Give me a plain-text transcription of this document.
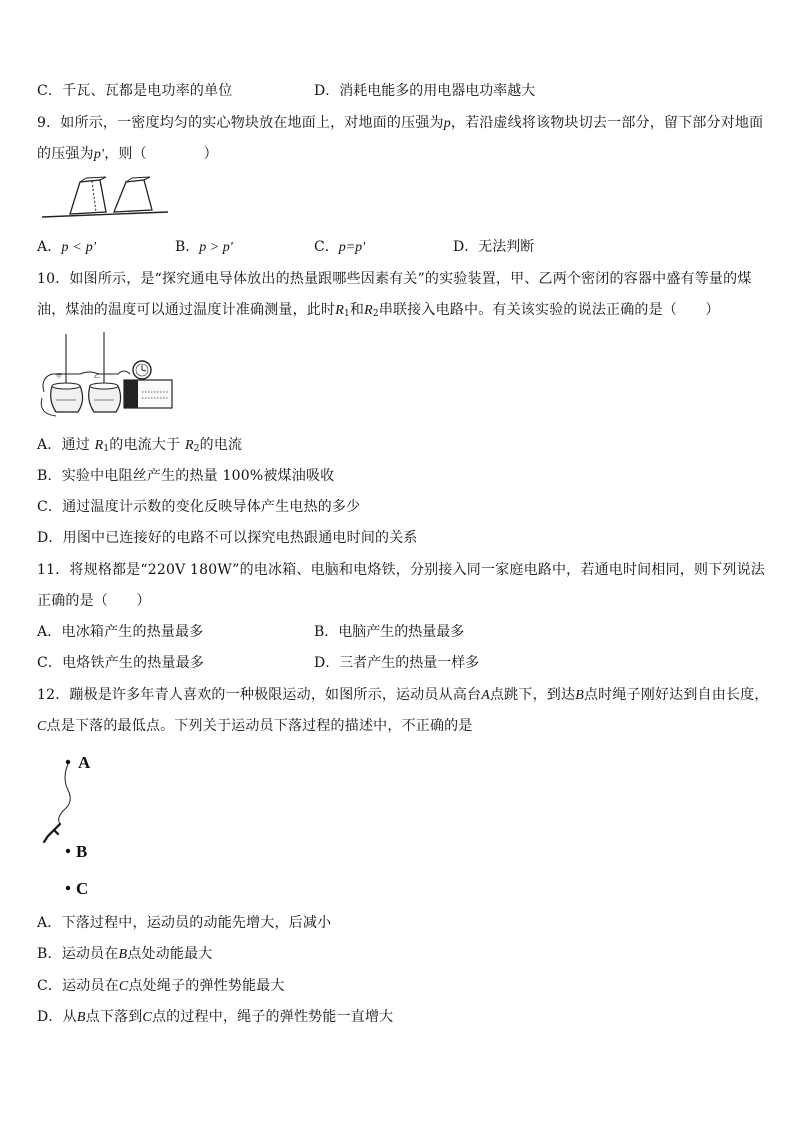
C．千瓦、瓦都是电功率的单位	D．消耗电能多的用电器电功率越大
9．如所示，一密度均匀的实心物块放在地面上，对地面的压强为p，若沿虚线将该物块切去一部分，留下部分对地面
的压强为p'，则（　　　　）
A．p < p'	B．p > p'	C．p=p'	D．无法判断
10．如图所示，是“探究通电导体放出的热量跟哪些因素有关”的实验装置，甲、乙两个密闭的容器中盛有等量的煤
油，煤油的温度可以通过温度计准确测量，此时$R_1$和$R_2$串联接入电路中。有关该实验的说法正确的是（　　）
甲	乙
A．通过 $R_1$的电流大于 $R_2$的电流
B．实验中电阻丝产生的热量 100%被煤油吸收
C．通过温度计示数的变化反映导体产生电热的多少
D．用图中已连接好的电路不可以探究电热跟通电时间的关系
11．将规格都是“220V 180W”的电冰箱、电脑和电烙铁，分别接入同一家庭电路中，若通电时间相同，则下列说法
正确的是（　　）
A．电冰箱产生的热量最多	B．电脑产生的热量最多
C．电烙铁产生的热量最多	D．三者产生的热量一样多
12．蹦极是许多年青人喜欢的一种极限运动，如图所示，运动员从高台A点跳下，到达B点时绳子刚好达到自由长度，
C点是下落的最低点。下列关于运动员下落过程的描述中，不正确的是
A
B
C
A．下落过程中，运动员的动能先增大，后减小
B．运动员在B点处动能最大
C．运动员在C点处绳子的弹性势能最大
D．从B点下落到C点的过程中，绳子的弹性势能一直增大
